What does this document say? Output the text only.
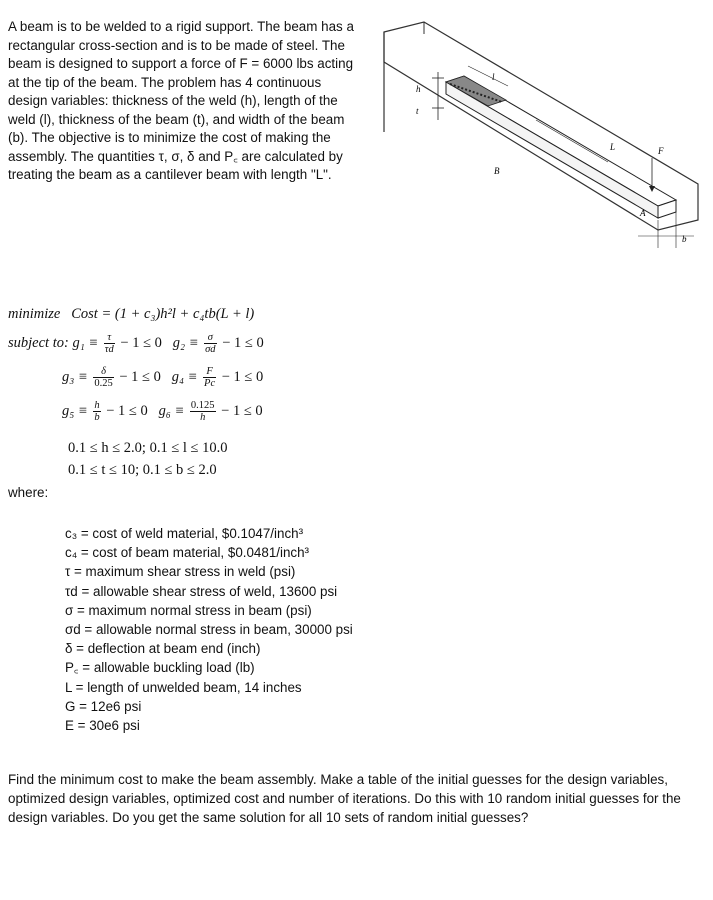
A beam is to be welded to a rigid support. The beam has a rectangular cross-section and is to be made of steel. The beam is designed to support a force of F = 6000 lbs acting at the tip of the beam. The problem has 4 continuous design variables: thickness of the weld (h), length of the weld (l), thickness of the beam (t), and width of the beam (b). The objective is to minimize the cost of making the assembly. The quantities τ, σ, δ and P꜀ are calculated by treating the beam as a cantilever beam with length "L".
h
t
l
L	F
B
A
b
minimize Cost = (1 + c₃)h²l + c₄tb(L + l)
subject to: $g_1 \equiv \frac{\tau}{\tau d} - 1 \le 0$ $g_2 \equiv \frac{\sigma}{\sigma d} - 1 \le 0$
$g_3 \equiv \frac{\delta}{0.25} - 1 \le 0$ $g_4 \equiv \frac{F}{Pc} - 1 \le 0$
$g_5 \equiv \frac{h}{b} - 1 \le 0$ $g_6 \equiv \frac{0.125}{h} - 1 \le 0$
0.1 ≤ h ≤ 2.0; 0.1 ≤ l ≤ 10.0
0.1 ≤ t ≤ 10; 0.1 ≤ b ≤ 2.0
where:
c₃ = cost of weld material, $0.1047/inch³
c₄ = cost of beam material, $0.0481/inch³
τ = maximum shear stress in weld (psi)
τd = allowable shear stress of weld, 13600 psi
σ = maximum normal stress in beam (psi)
σd = allowable normal stress in beam, 30000 psi
δ = deflection at beam end (inch)
P꜀ = allowable buckling load (lb)
L = length of unwelded beam, 14 inches
G = 12e6 psi
E = 30e6 psi
Find the minimum cost to make the beam assembly. Make a table of the initial guesses for the design variables, optimized design variables, optimized cost and number of iterations. Do this with 10 random initial guesses for the design variables. Do you get the same solution for all 10 sets of random initial guesses?
